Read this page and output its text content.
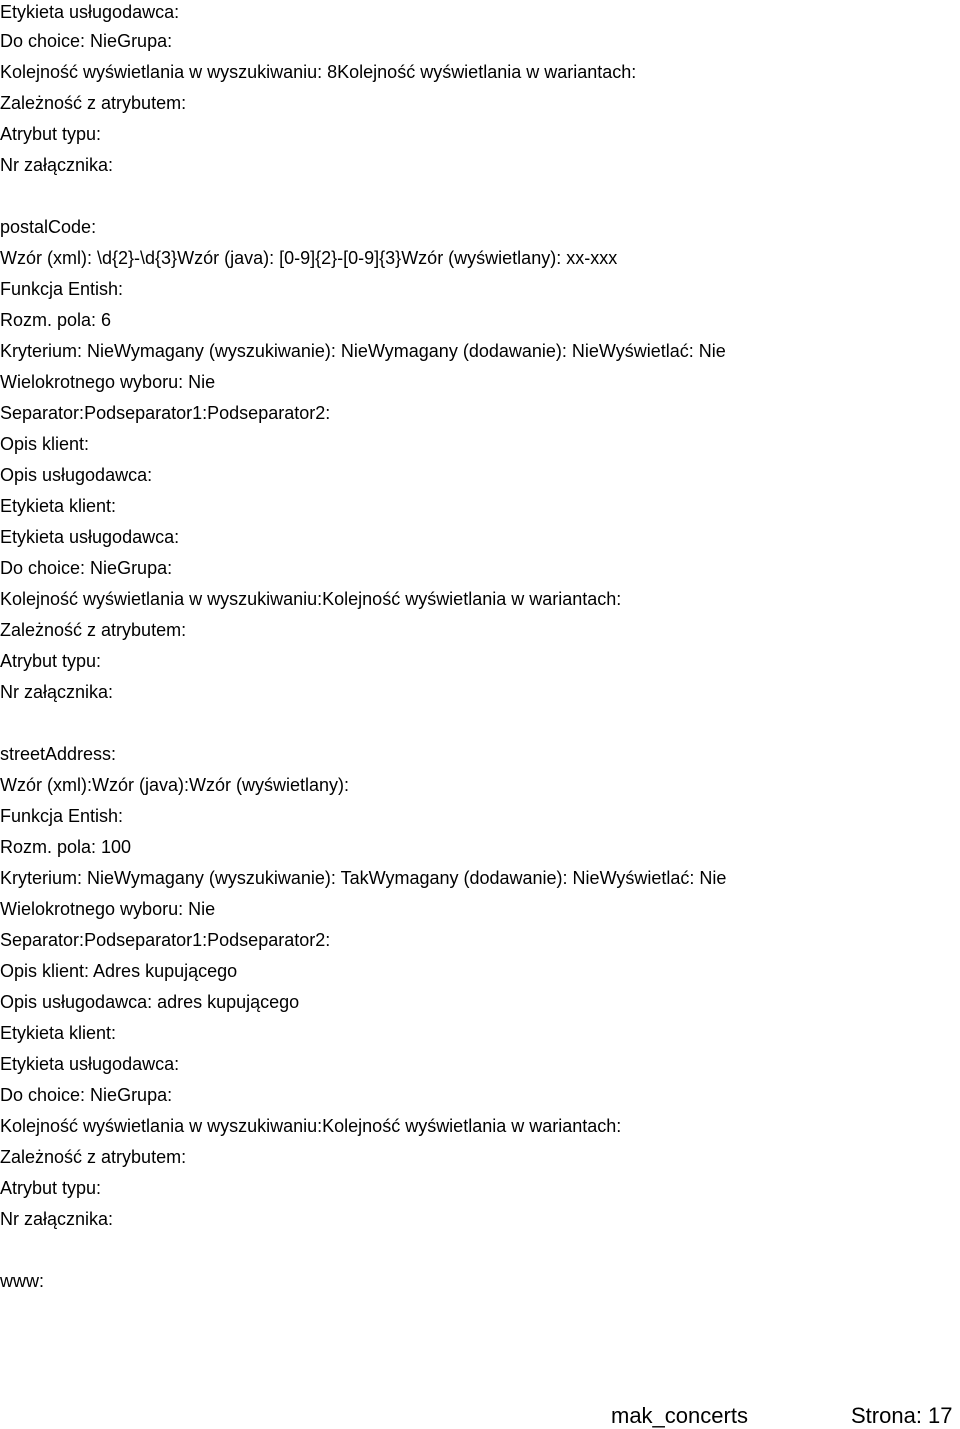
Etykieta usługodawca:
Do choice: NieGrupa:
Kolejność wyświetlania w wyszukiwaniu: 8Kolejność wyświetlania w wariantach:
Zależność z atrybutem:
Atrybut typu:
Nr załącznika:
postalCode:
Wzór (xml): \d{2}-\d{3}Wzór (java): [0-9]{2}-[0-9]{3}Wzór (wyświetlany): xx-xxx
Funkcja Entish:
Rozm. pola: 6
Kryterium: NieWymagany (wyszukiwanie): NieWymagany (dodawanie): NieWyświetlać: Nie
Wielokrotnego wyboru: Nie
Separator:Podseparator1:Podseparator2:
Opis klient:
Opis usługodawca:
Etykieta klient:
Etykieta usługodawca:
Do choice: NieGrupa:
Kolejność wyświetlania w wyszukiwaniu:Kolejność wyświetlania w wariantach:
Zależność z atrybutem:
Atrybut typu:
Nr załącznika:
streetAddress:
Wzór (xml):Wzór (java):Wzór (wyświetlany):
Funkcja Entish:
Rozm. pola: 100
Kryterium: NieWymagany (wyszukiwanie): TakWymagany (dodawanie): NieWyświetlać: Nie
Wielokrotnego wyboru: Nie
Separator:Podseparator1:Podseparator2:
Opis klient: Adres kupującego
Opis usługodawca: adres kupującego
Etykieta klient:
Etykieta usługodawca:
Do choice: NieGrupa:
Kolejność wyświetlania w wyszukiwaniu:Kolejność wyświetlania w wariantach:
Zależność z atrybutem:
Atrybut typu:
Nr załącznika:
www:
mak_concerts	Strona: 17
